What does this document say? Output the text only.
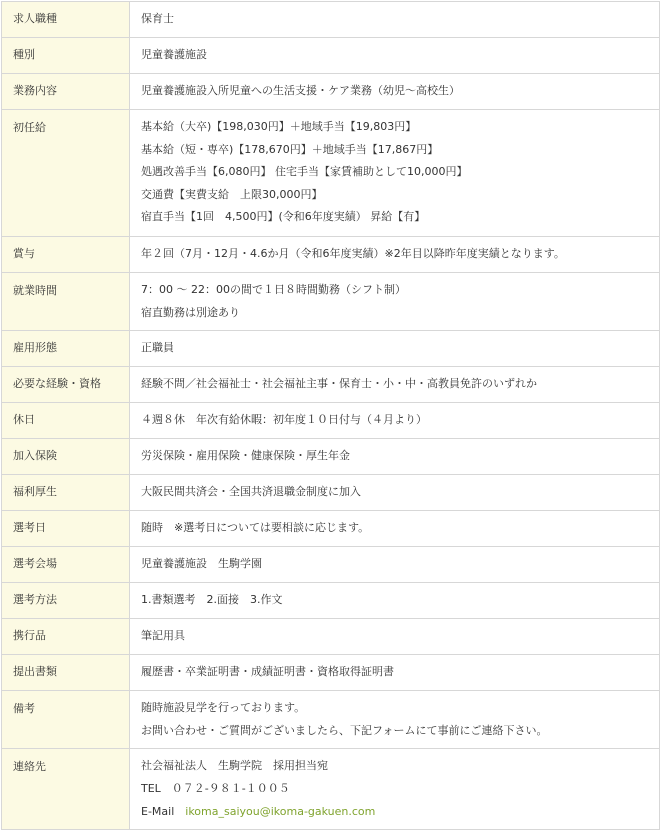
求人職種	保育士

種別	児童養護施設

業務内容	児童養護施設入所児童への生活支援・ケア業務（幼児～高校生）

初任給	基本給（大卒)【198,030円】＋地域手当【19,803円】
基本給（短・専卒)【178,670円】＋地域手当【17,867円】
処遇改善手当【6,080円】 住宅手当【家賃補助として10,000円】
交通費【実費支給　上限30,000円】
宿直手当【1回　4,500円】(令和6年度実績） 昇給【有】

賞与	年２回（7月・12月・4.6か月（令和6年度実績）※2年目以降昨年度実績となります。

就業時間	7：00 ～ 22：00の間で１日８時間勤務（シフト制）
宿直勤務は別途あり

雇用形態	正職員

必要な経験・資格	経験不問／社会福祉士・社会福祉主事・保育士・小・中・高教員免許のいずれか

休日	４週８休　年次有給休暇：初年度１０日付与（４月より）

加入保険	労災保険・雇用保険・健康保険・厚生年金

福利厚生	大阪民間共済会・全国共済退職金制度に加入

選考日	随時　※選考日については要相談に応じます。

選考会場	児童養護施設　生駒学園

選考方法	1.書類選考　2.面接　3.作文

携行品	筆記用具

提出書類	履歴書・卒業証明書・成績証明書・資格取得証明書

備考	随時施設見学を行っております。
お問い合わせ・ご質問がございましたら、下記フォームにて事前にご連絡下さい。

連絡先	社会福祉法人　生駒学院　採用担当宛
TEL　０７２-９８１-１００５
E-Mail　 ikoma_saiyou@ikoma-gakuen.com
